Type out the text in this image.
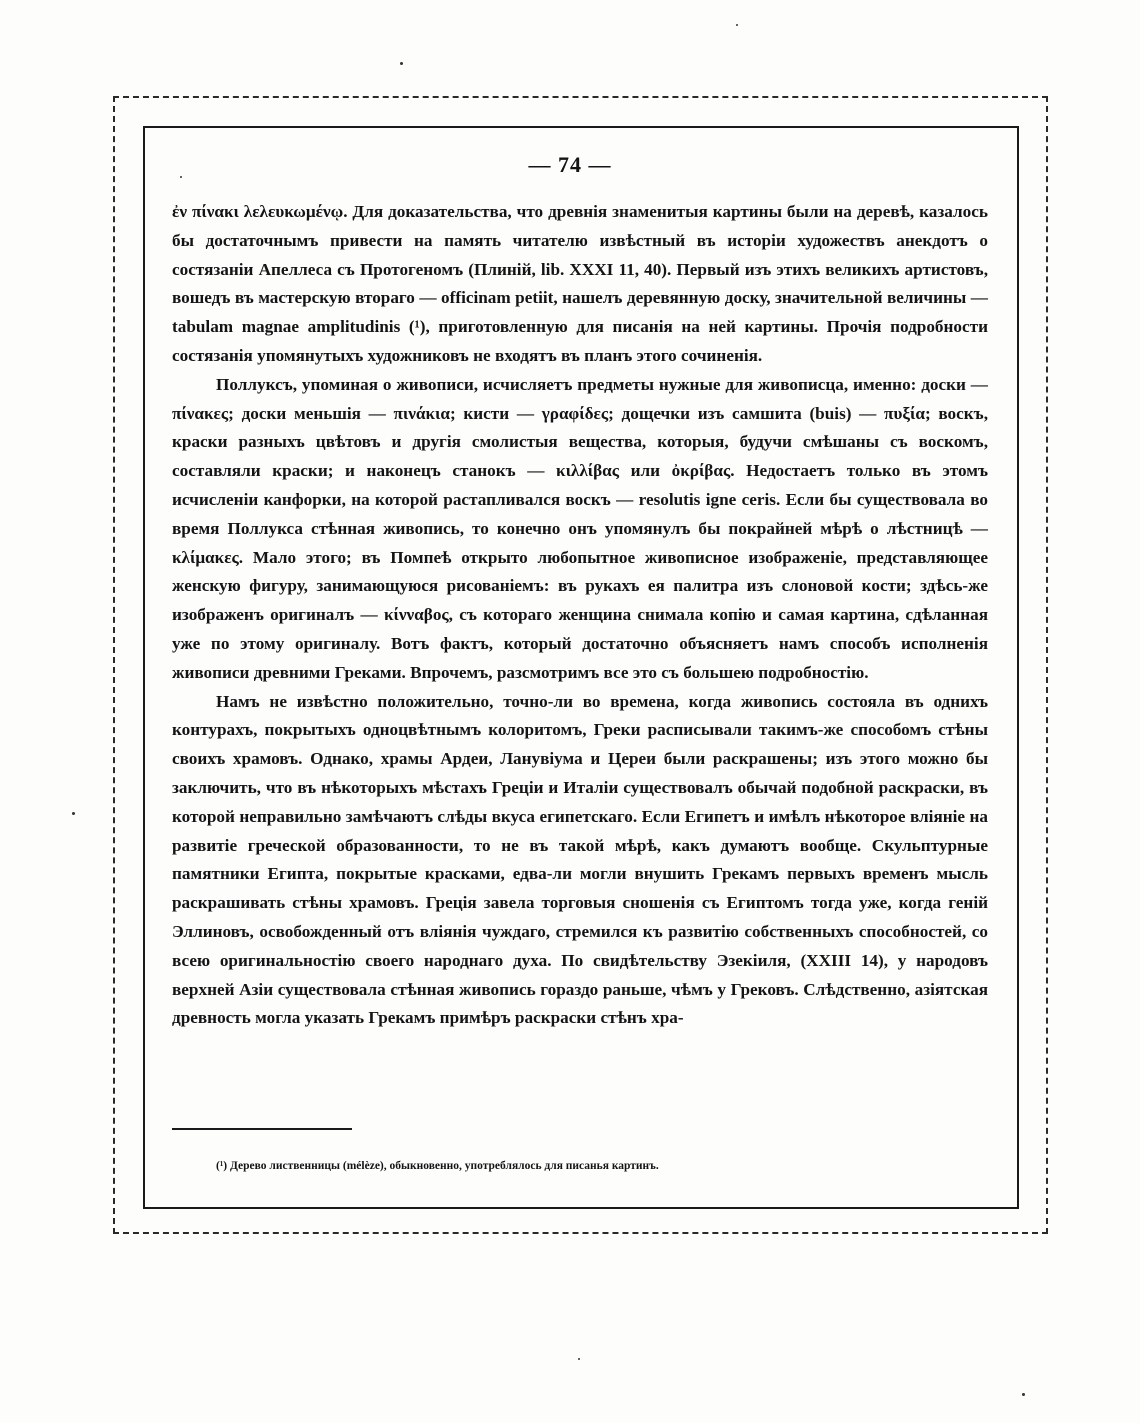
— 74 —

ἐν πίνακι λελευκωμένῳ. Для доказательства, что древнія знаменитыя картины были на деревѣ, казалось бы достаточнымъ привести на память читателю извѣстный въ исторіи художествъ анекдотъ о состязаніи Апеллеса съ Протогеномъ (Плиній, lib. XXXI 11, 40). Первый изъ этихъ великихъ артистовъ, вошедъ въ мастерскую втораго — officinam petiit, нашелъ деревянную доску, значительной величины — tabulam magnae amplitudinis (¹), приготовленную для писанія на ней картины. Прочія подробности состязанія упомянутыхъ художниковъ не входятъ въ планъ этого сочиненія.

Поллуксъ, упоминая о живописи, исчисляетъ предметы нужные для живописца, именно: доски — πίνακες; доски меньшія — πινάκια; кисти — γραφίδες; дощечки изъ самшита (buis) — πυξία; воскъ, краски разныхъ цвѣтовъ и другія смолистыя вещества, которыя, будучи смѣшаны съ воскомъ, составляли краски; и наконецъ станокъ — κιλλίβας или ὀκρίβας. Недостаетъ только въ этомъ исчисленіи канфорки, на которой растапливался воскъ — resolutis igne ceris. Если бы существовала во время Поллукса стѣнная живопись, то конечно онъ упомянулъ бы покрайней мѣрѣ о лѣстницѣ — κλίμακες. Мало этого; въ Помпеѣ открыто любопытное живописное изображеніе, представляющее женскую фигуру, занимающуюся рисованіемъ: въ рукахъ ея палитра изъ слоновой кости; здѣсь-же изображенъ оригиналъ — κίνναβος, съ котораго женщина снимала копію и самая картина, сдѣланная уже по этому оригиналу. Вотъ фактъ, который достаточно объясняетъ намъ способъ исполненія живописи древними Греками. Впрочемъ, разсмотримъ все это съ большею подробностію.

Намъ не извѣстно положительно, точно-ли во времена, когда живопись состояла въ однихъ контурахъ, покрытыхъ одноцвѣтнымъ колоритомъ, Греки расписывали такимъ-же способомъ стѣны своихъ храмовъ. Однако, храмы Ардеи, Ланувіума и Цереи были раскрашены; изъ этого можно бы заключить, что въ нѣкоторыхъ мѣстахъ Греціи и Италіи существовалъ обычай подобной раскраски, въ которой неправильно замѣчаютъ слѣды вкуса египетскаго. Если Египетъ и имѣлъ нѣкоторое вліяніе на развитіе греческой образованности, то не въ такой мѣрѣ, какъ думаютъ вообще. Скульптурные памятники Египта, покрытые красками, едва-ли могли внушить Грекамъ первыхъ временъ мысль раскрашивать стѣны храмовъ. Греція завела торговыя сношенія съ Египтомъ тогда уже, когда геній Эллиновъ, освобожденный отъ вліянія чуждаго, стремился къ развитію собственныхъ способностей, со всею оригинальностію своего народнаго духа. По свидѣтельству Эзекіиля, (XXIII 14), у народовъ верхней Азіи существовала стѣнная живопись гораздо раньше, чѣмъ у Грековъ. Слѣдственно, азіятская древность могла указать Грекамъ примѣръ раскраски стѣнъ хра-

(¹) Дерево лиственницы (mélèze), обыкновенно, употреблялось для писанья картинъ.
